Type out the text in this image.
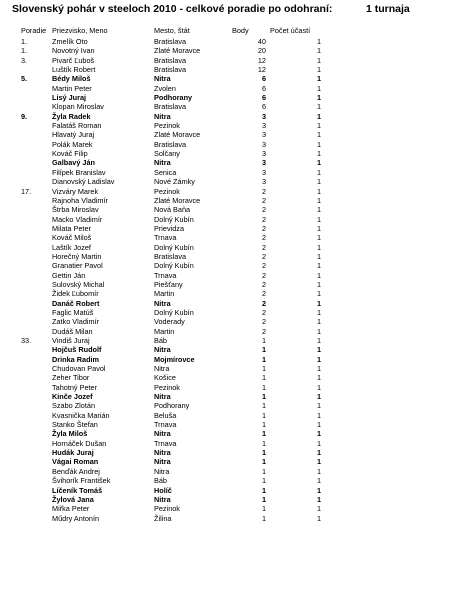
Slovenský pohár v steeloch 2010 - celkové poradie po odohraní:	1 turnaja
Poradie Priezvisko, Meno	Mesto, štát	Body	Počet účastí
1.	Zmelík Oto	Bratislava	40	1
1.	Novotný Ivan	Zlaté Moravce	20	1
3.	Pivarč Ľuboš	Bratislava	12	1
Luštík Robert	Bratislava	12	1
5.	Bédy Miloš	Nitra	6	1
Martin Peter	Zvolen	6	1
Lisý Juraj	Podhorany	6	1
Klopan Miroslav	Bratislava	6	1
9.	Žyla Radek	Nitra	3	1
Falatáš Roman	Pezinok	3	1
Hlavatý Juraj	Zlaté Moravce	3	1
Polák Marek	Bratislava	3	1
Kováč Filip	Solčany	3	1
Galbavý Ján	Nitra	3	1
Filípek Branislav	Senica	3	1
Dianovský Ladislav	Nové Zámky	3	1
17.	Vizváry Marek	Pezinok	2	1
Rajnoha Vladimír	Zlaté Moravce	2	1
Štrba Miroslav	Nová Baňa	2	1
Macko Vladimír	Dolný Kubín	2	1
Milata Peter	Prievidza	2	1
Kováč Miloš	Trnava	2	1
Laštík Jozef	Dolný Kubín	2	1
Horečný Martin	Bratislava	2	1
Granatier Pavol	Dolný Kubín	2	1
Gettin Ján	Trnava	2	1
Sulovský Michal	Piešťany	2	1
Židek Ľubomír	Martin	2	1
Danáč Robert	Nitra	2	1
Faglic Matúš	Dolný Kubín	2	1
Zatko Vladimír	Voderady	2	1
Dudáš Milan	Martin	2	1
33.	Vindiš Juraj	Báb	1	1
Hojčuš Rudolf	Nitra	1	1
Drinka Radim	Mojmírovce	1	1
Chudovan Pavol	Nitra	1	1
Zeher Tibor	Košice	1	1
Tahotný Peter	Pezinok	1	1
Kinče Jozef	Nitra	1	1
Szabo Zlotán	Podhorany	1	1
Kvasnička Marián	Beluša	1	1
Stanko Štefan	Trnava	1	1
Žyla Miloš	Nitra	1	1
Hornáček Dušan	Trnava	1	1
Hudák Juraj	Nitra	1	1
Vágai Roman	Nitra	1	1
Benďák Andrej	Nitra	1	1
Švihorík František	Báb	1	1
Líčeník Tomáš	Holíč	1	1
Žylová Jana	Nitra	1	1
Miřka Peter	Pezinok	1	1
Műdry Antonín	Žilina	1	1
